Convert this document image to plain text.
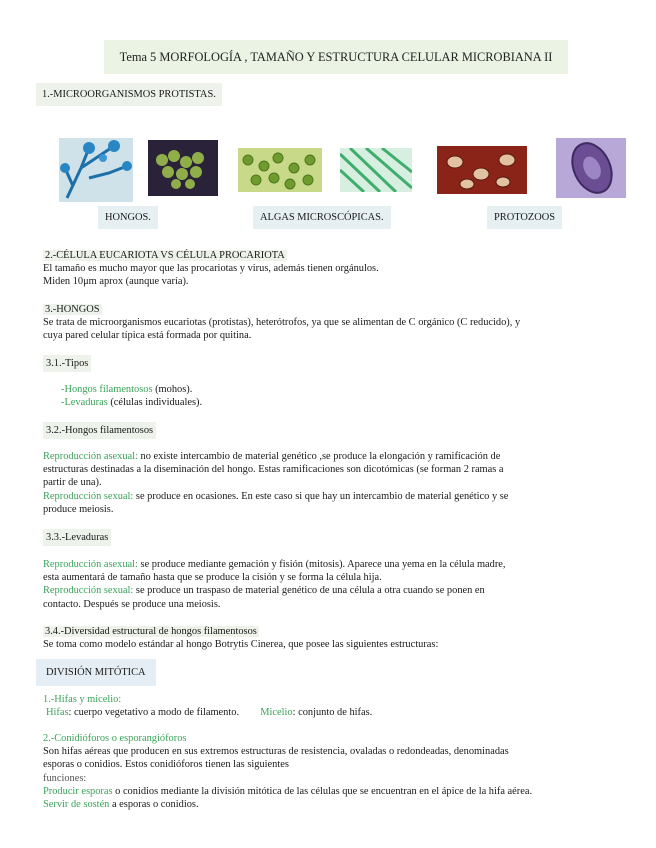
Tema 5 MORFOLOGÍA , TAMAÑO Y ESTRUCTURA CELULAR MICROBIANA II
1.-MICROORGANISMOS PROTISTAS.
HONGOS.	ALGAS MICROSCÓPICAS.	PROTOZOOS
2.-CÉLULA EUCARIOTA VS CÉLULA PROCARIOTA
El tamaño es mucho mayor que las procariotas y virus, además tienen orgánulos.
Miden 10μm aprox (aunque varía).
3.-HONGOS
Se trata de microorganismos eucariotas (protistas), heterótrofos, ya que se alimentan de C orgánico (C reducido), y
cuya pared celular típica está formada por quitina.
3.1.-Tipos
-Hongos filamentosos (mohos).
-Levaduras (células individuales).
3.2.-Hongos filamentosos
Reproducción asexual: no existe intercambio de material genético ,se produce la elongación y ramificación de
estructuras destinadas a la diseminación del hongo. Estas ramificaciones son dicotómicas (se forman 2 ramas a
partir de una).
Reproducción sexual: se produce en ocasiones. En este caso si que hay un intercambio de material genético y se
produce meiosis.
3.3.-Levaduras
Reproducción asexual: se produce mediante gemación y fisión (mitosis). Aparece una yema en la célula madre,
esta aumentará de tamaño hasta que se produce la cisión y se forma la célula hija.
Reproducción sexual: se produce un traspaso de material genético de una célula a otra cuando se ponen en
contacto. Después se produce una meiosis.
3.4.-Diversidad estructural de hongos filamentosos
Se toma como modelo estándar al hongo Botrytis Cinerea, que posee las siguientes estructuras:
DIVISIÓN MITÓTICA
1.-Hifas y micelio:
Hifas: cuerpo vegetativo a modo de filamento. Micelio: conjunto de hifas.
2.-Conidióforos o esporangióforos
Son hifas aéreas que producen en sus extremos estructuras de resistencia, ovaladas o redondeadas, denominadas
esporas o conidios. Estos conidióforos tienen las siguientes
funciones:
Producir esporas o conidios mediante la división mitótica de las células que se encuentran en el ápice de la hifa aérea.
Servir de sostén a esporas o conidios.
